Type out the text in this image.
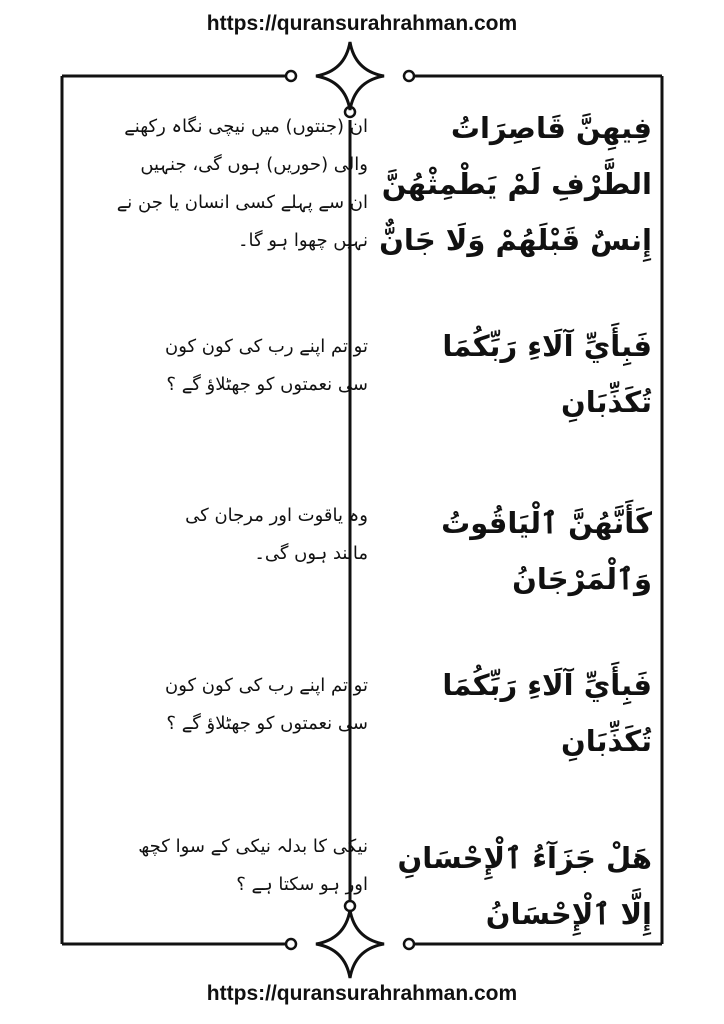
https://quransurahrahman.com
فِيهِنَّ قَاصِرَاتُ
الطَّرْفِ لَمْ يَطْمِثْهُنَّ
إِنسٌ قَبْلَهُمْ وَلَا جَانٌّ
ان (جنتوں) میں نیچی نگاہ رکھنے
والی (حوریں) ہوں گی، جنہیں
ان سے پہلے کسی انسان یا جن نے
نہیں چھوا ہو گا۔
فَبِأَيِّ آلَاءِ رَبِّكُمَا
تُكَذِّبَانِ
تو تم اپنے رب کی کون کون
سی نعمتوں کو جھٹلاؤ گے ؟
كَأَنَّهُنَّ ٱلْيَاقُوتُ
وَٱلْمَرْجَانُ
وہ یاقوت اور مرجان کی
مانند ہوں گی۔
فَبِأَيِّ آلَاءِ رَبِّكُمَا
تُكَذِّبَانِ
تو تم اپنے رب کی کون کون
سی نعمتوں کو جھٹلاؤ گے ؟
هَلْ جَزَآءُ ٱلْإِحْسَانِ
إِلَّا ٱلْإِحْسَانُ
نیکی کا بدلہ نیکی کے سوا کچھ
اور ہو سکتا ہے ؟
https://quransurahrahman.com
